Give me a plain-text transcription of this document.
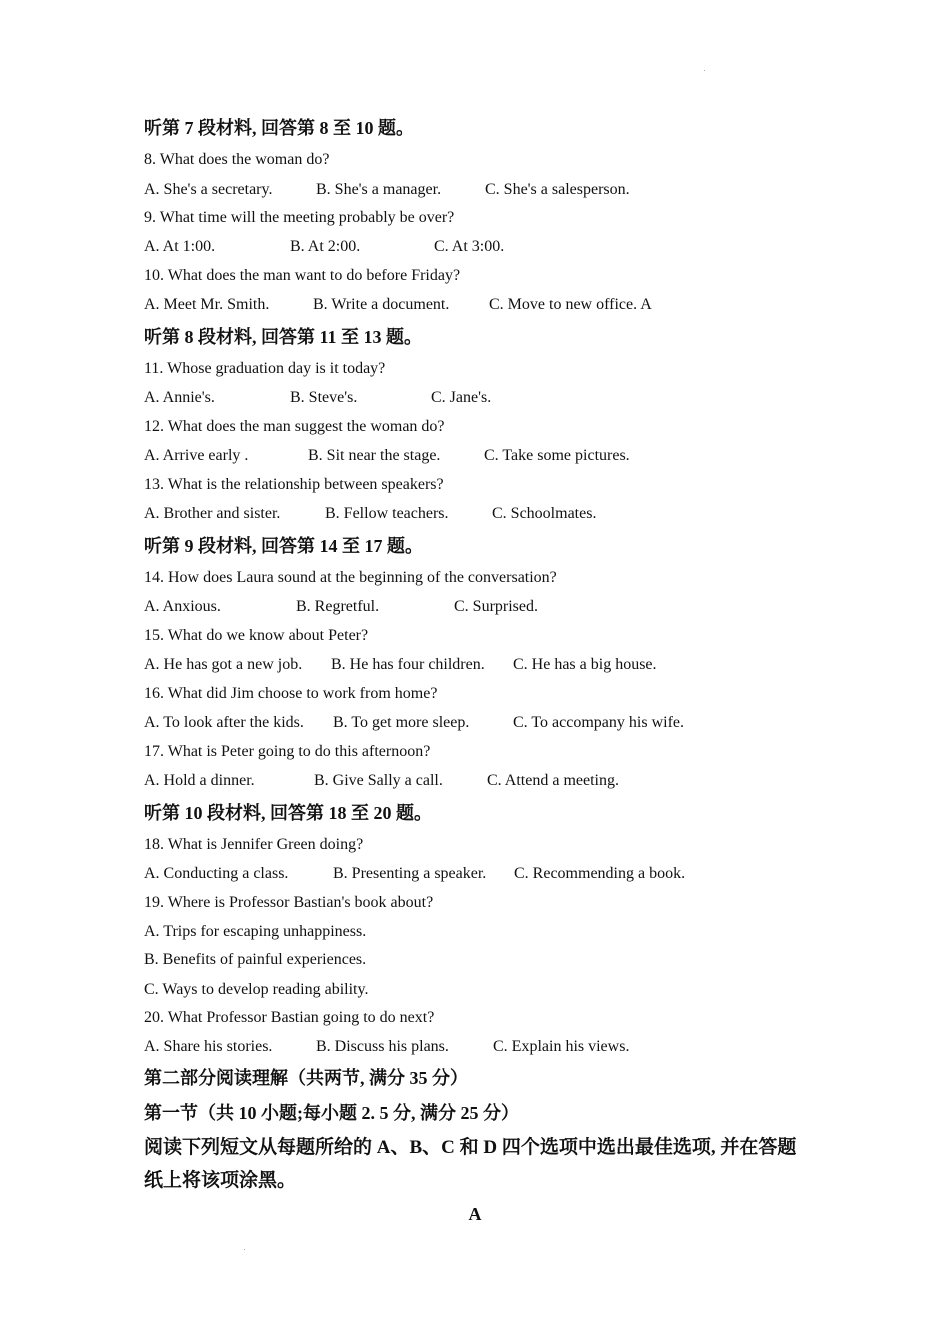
听第 7 段材料, 回答第 8 至 10 题。
8. What does the woman do?
A. She's a secretary.	B. She's a manager.	C. She's a salesperson.
9. What time will the meeting probably be over?
A. At 1:00.	B. At 2:00.	C. At 3:00.
10. What does the man want to do before Friday?
A. Meet Mr. Smith.	B. Write a document. C. Move to new office. A
听第 8 段材料, 回答第 11 至 13 题。
11. Whose graduation day is it today?
A. Annie's.	B. Steve's.	C. Jane's.
12. What does the man suggest the woman do?
A. Arrive early .	B. Sit near the stage.	C. Take some pictures.
13. What is the relationship between speakers?
A. Brother and sister.	B. Fellow teachers.	C. Schoolmates.
听第 9 段材料, 回答第 14 至 17 题。
14. How does Laura sound at the beginning of the conversation?
A. Anxious.	B. Regretful.	C. Surprised.
15. What do we know about Peter?
A. He has got a new job. B. He has four children. C. He has a big house.
16. What did Jim choose to work from home?
A. To look after the kids. B. To get more sleep.	C. To accompany his wife.
17. What is Peter going to do this afternoon?
A. Hold a dinner.	B. Give Sally a call.	C. Attend a meeting.
听第 10 段材料, 回答第 18 至 20 题。
18. What is Jennifer Green doing?
A. Conducting a class.	B. Presenting a speaker. C. Recommending a book.
19. Where is Professor Bastian's book about?
A. Trips for escaping unhappiness.
B. Benefits of painful experiences.
C. Ways to develop reading ability.
20. What Professor Bastian going to do next?
A. Share his stories.	B. Discuss his plans.	C. Explain his views.
第二部分阅读理解（共两节, 满分 35 分）
第一节（共 10 小题;每小题 2. 5 分, 满分 25 分）
阅读下列短文从每题所给的 A、B、C 和 D 四个选项中选出最佳选项, 并在答题
纸上将该项涂黑。
A
